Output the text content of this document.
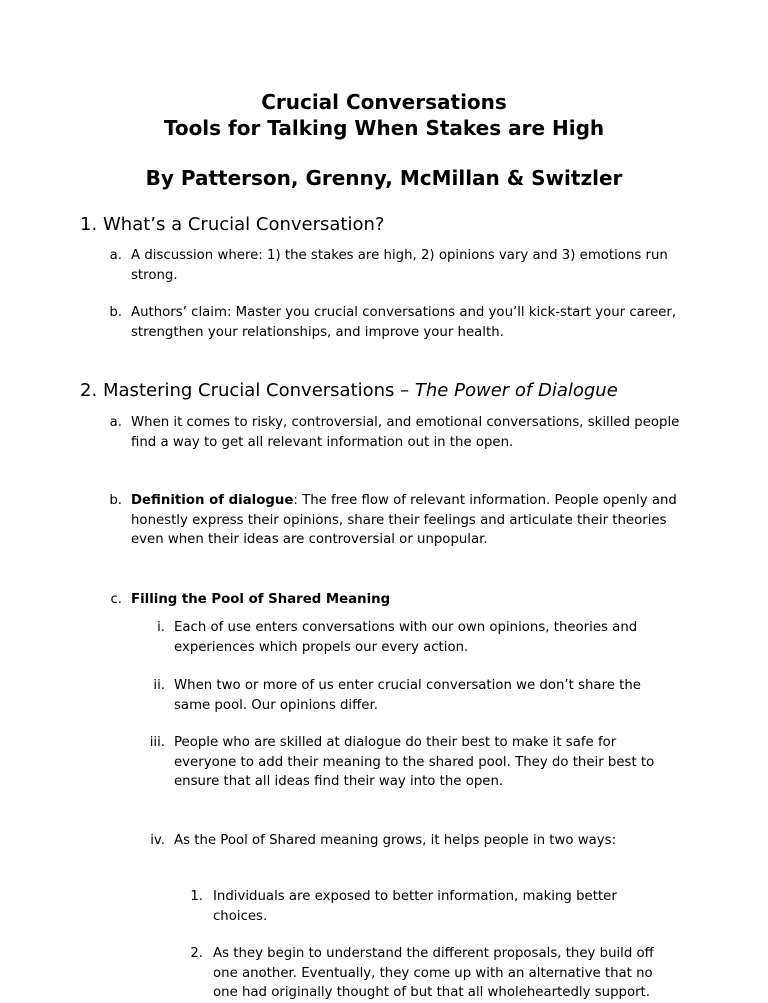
Crucial Conversations
Tools for Talking When Stakes are High
By Patterson, Grenny, McMillan & Switzler
1. What’s a Crucial Conversation?
a. A discussion where: 1) the stakes are high, 2) opinions vary and 3) emotions run strong.
b. Authors’ claim: Master you crucial conversations and you’ll kick-start your career, strengthen your relationships, and improve your health.
2. Mastering Crucial Conversations – The Power of Dialogue
a. When it comes to risky, controversial, and emotional conversations, skilled people find a way to get all relevant information out in the open.
b. Definition of dialogue: The free flow of relevant information. People openly and honestly express their opinions, share their feelings and articulate their theories even when their ideas are controversial or unpopular.
c. Filling the Pool of Shared Meaning
i. Each of use enters conversations with our own opinions, theories and experiences which propels our every action.
ii. When two or more of us enter crucial conversation we don’t share the same pool. Our opinions differ.
iii. People who are skilled at dialogue do their best to make it safe for everyone to add their meaning to the shared pool. They do their best to ensure that all ideas find their way into the open.
iv. As the Pool of Shared meaning grows, it helps people in two ways:
1. Individuals are exposed to better information, making better choices.
2. As they begin to understand the different proposals, they build off one another. Eventually, they come up with an alternative that no one had originally thought of but that all wholeheartedly support.
